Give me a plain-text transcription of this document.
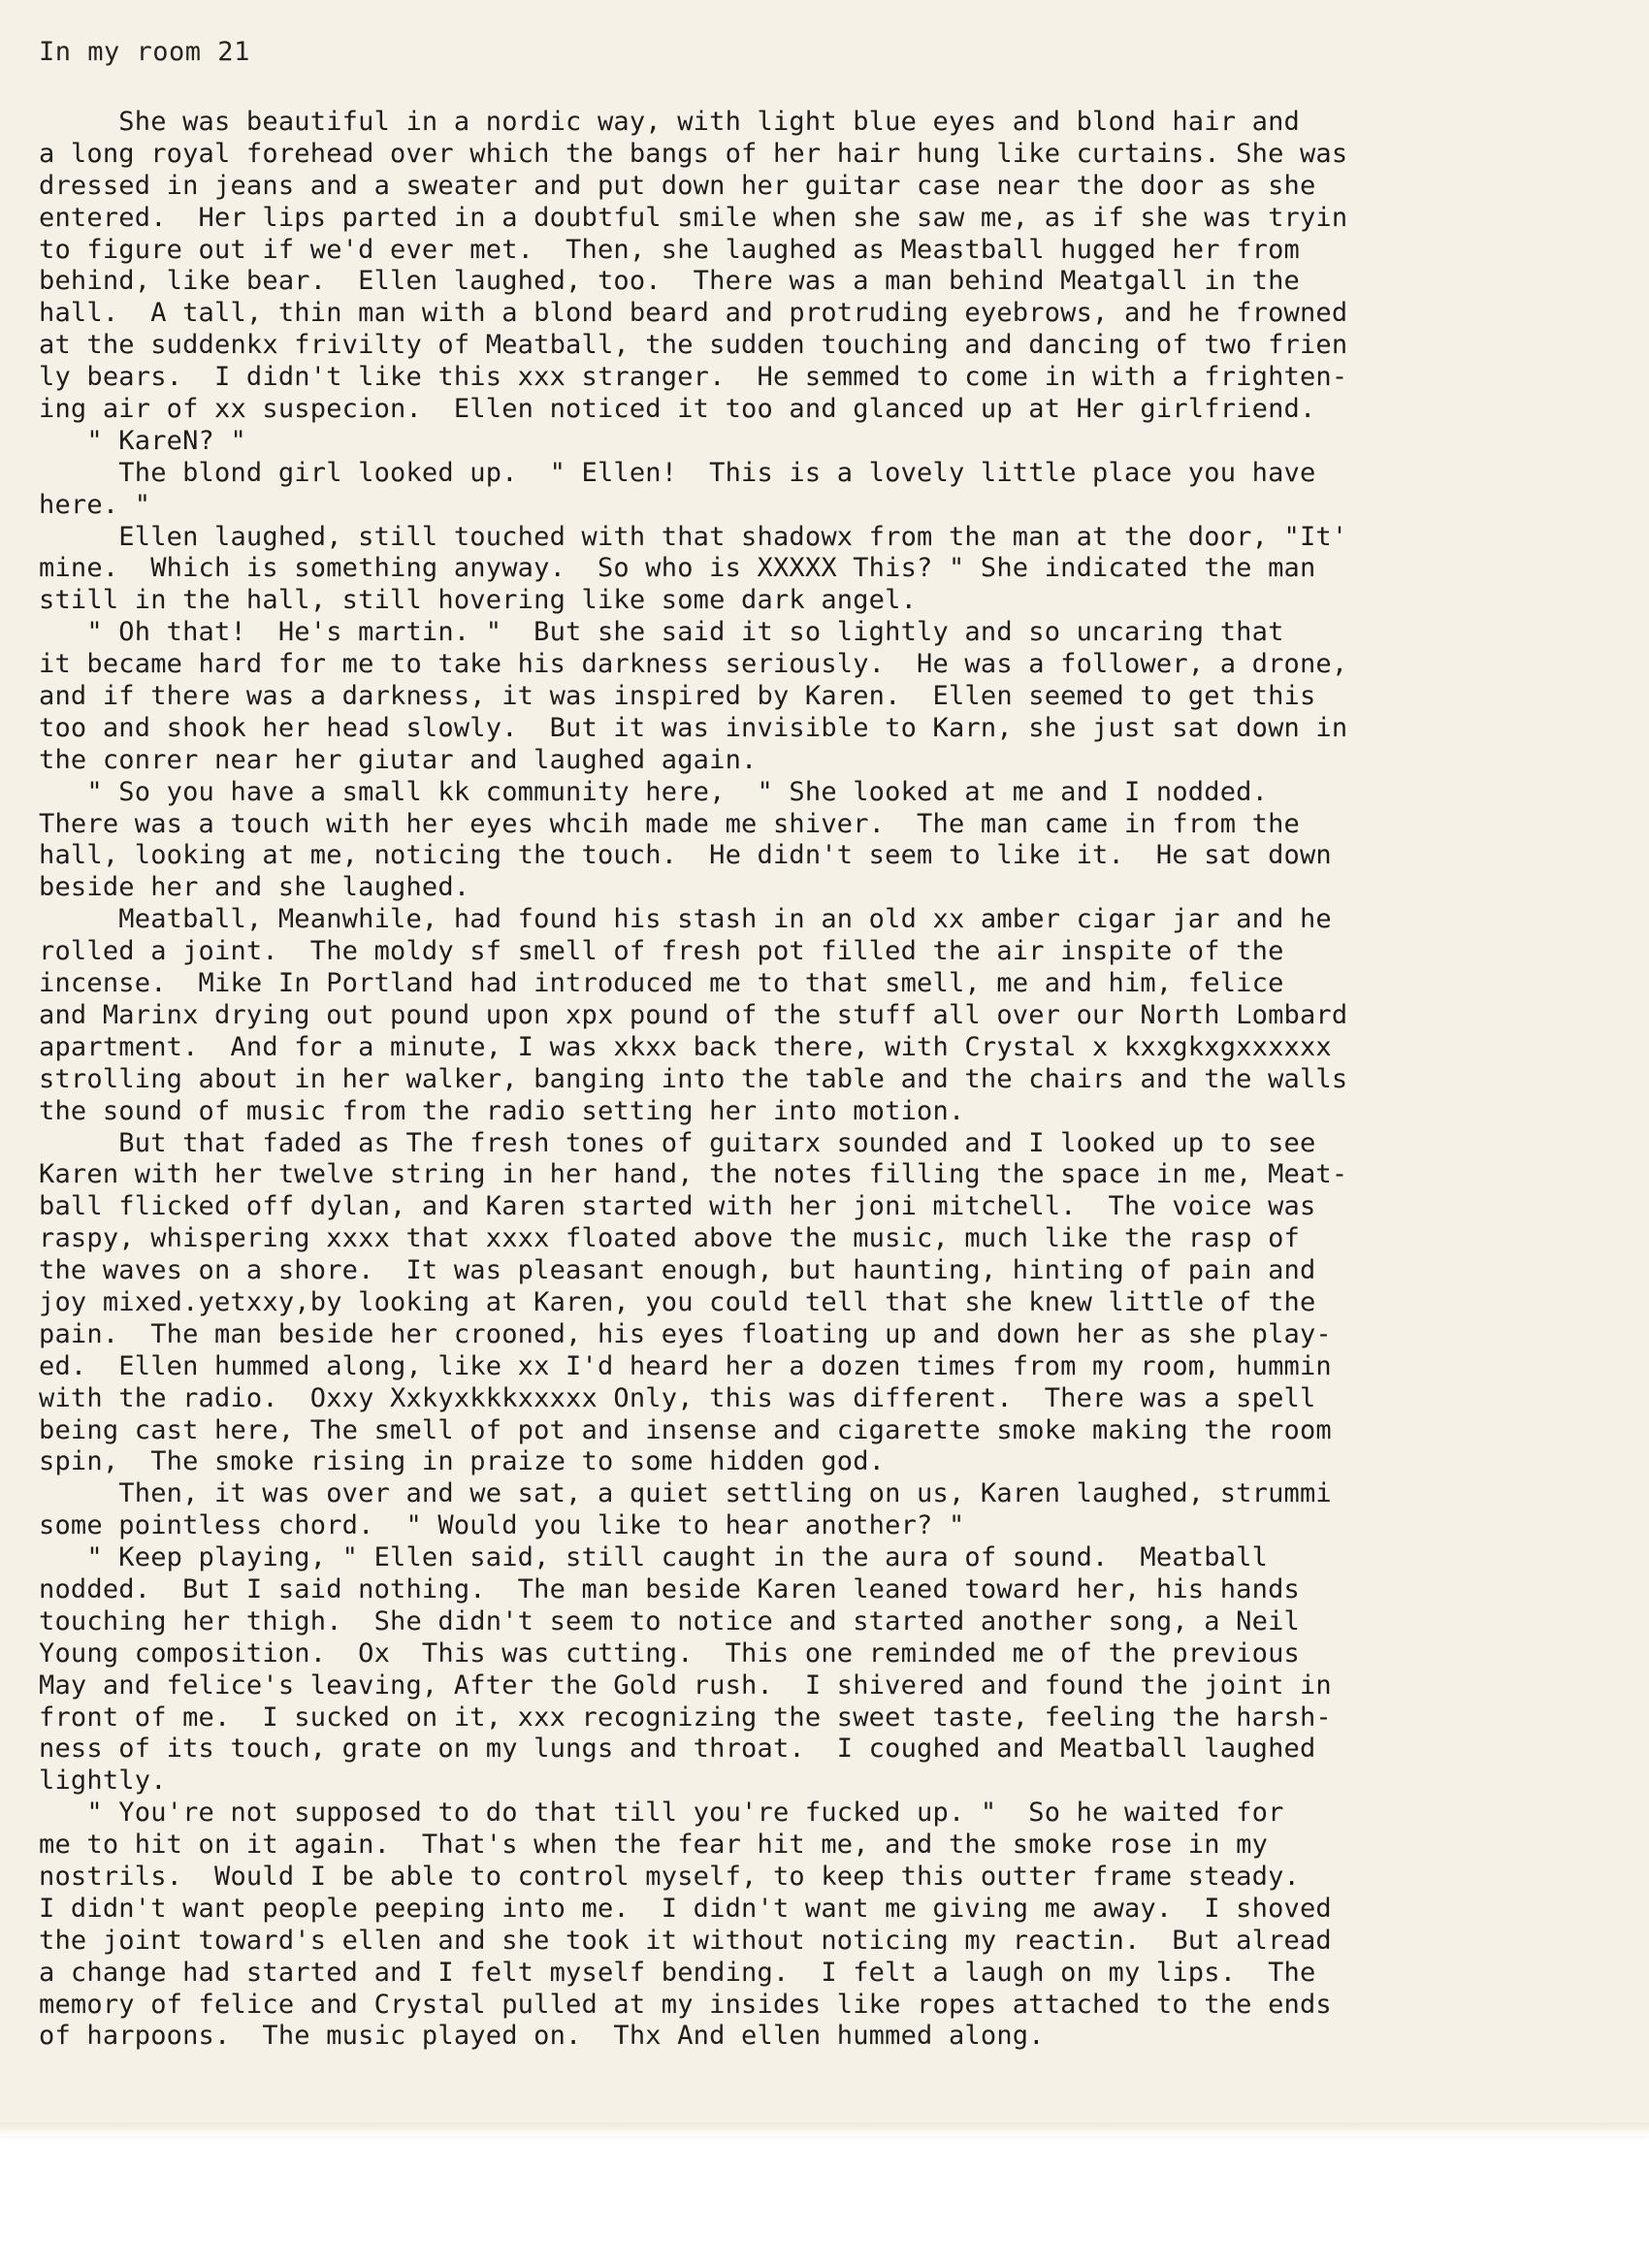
In my room 21
She was beautiful in a nordic way, with light blue eyes and blond hair and
a long royal forehead over which the bangs of her hair hung like curtains. She was
dressed in jeans and a sweater and put down her guitar case near the door as she
entered.  Her lips parted in a doubtful smile when she saw me, as if she was tryin
to figure out if we'd ever met.  Then, she laughed as Meastball hugged her from
behind, like bear.  Ellen laughed, too.  There was a man behind Meatgall in the
hall.  A tall, thin man with a blond beard and protruding eyebrows, and he frowned
at the suddenkx frivilty of Meatball, the sudden touching and dancing of two frien
ly bears.  I didn't like this xxx stranger.  He semmed to come in with a frighten-
ing air of xx suspecion.  Ellen noticed it too and glanced up at Her girlfriend.
" KareN? "
The blond girl looked up.  " Ellen!  This is a lovely little place you have
here. "
Ellen laughed, still touched with that shadowx from the man at the door, "It'
mine.  Which is something anyway.  So who is XXXXX This? " She indicated the man
still in the hall, still hovering like some dark angel.
" Oh that!  He's martin. "  But she said it so lightly and so uncaring that
it became hard for me to take his darkness seriously.  He was a follower, a drone,
and if there was a darkness, it was inspired by Karen.  Ellen seemed to get this
too and shook her head slowly.  But it was invisible to Karn, she just sat down in
the conrer near her giutar and laughed again.
" So you have a small kk community here,  " She looked at me and I nodded.
There was a touch with her eyes whcih made me shiver.  The man came in from the
hall, looking at me, noticing the touch.  He didn't seem to like it.  He sat down
beside her and she laughed.
Meatball, Meanwhile, had found his stash in an old xx amber cigar jar and he
rolled a joint.  The moldy sf smell of fresh pot filled the air inspite of the
incense.  Mike In Portland had introduced me to that smell, me and him, felice
and Marinx drying out pound upon xpx pound of the stuff all over our North Lombard
apartment.  And for a minute, I was xkxx back there, with Crystal x kxxgkxgxxxxxx
strolling about in her walker, banging into the table and the chairs and the walls
the sound of music from the radio setting her into motion.
But that faded as The fresh tones of guitarx sounded and I looked up to see
Karen with her twelve string in her hand, the notes filling the space in me, Meat-
ball flicked off dylan, and Karen started with her joni mitchell.  The voice was
raspy, whispering xxxx that xxxx floated above the music, much like the rasp of
the waves on a shore.  It was pleasant enough, but haunting, hinting of pain and
joy mixed.yetxxy,by looking at Karen, you could tell that she knew little of the
pain.  The man beside her crooned, his eyes floating up and down her as she play-
ed.  Ellen hummed along, like xx I'd heard her a dozen times from my room, hummin
with the radio.  Oxxy Xxkyxkkkxxxxx Only, this was different.  There was a spell
being cast here, The smell of pot and insense and cigarette smoke making the room
spin,  The smoke rising in praize to some hidden god.
Then, it was over and we sat, a quiet settling on us, Karen laughed, strummi
some pointless chord.  " Would you like to hear another? "
" Keep playing, " Ellen said, still caught in the aura of sound.  Meatball
nodded.  But I said nothing.  The man beside Karen leaned toward her, his hands
touching her thigh.  She didn't seem to notice and started another song, a Neil
Young composition.  Ox  This was cutting.  This one reminded me of the previous
May and felice's leaving, After the Gold rush.  I shivered and found the joint in
front of me.  I sucked on it, xxx recognizing the sweet taste, feeling the harsh-
ness of its touch, grate on my lungs and throat.  I coughed and Meatball laughed
lightly.
" You're not supposed to do that till you're fucked up. "  So he waited for
me to hit on it again.  That's when the fear hit me, and the smoke rose in my
nostrils.  Would I be able to control myself, to keep this outter frame steady.
I didn't want people peeping into me.  I didn't want me giving me away.  I shoved
the joint toward's ellen and she took it without noticing my reactin.  But alread
a change had started and I felt myself bending.  I felt a laugh on my lips.  The
memory of felice and Crystal pulled at my insides like ropes attached to the ends
of harpoons.  The music played on.  Thx And ellen hummed along.
